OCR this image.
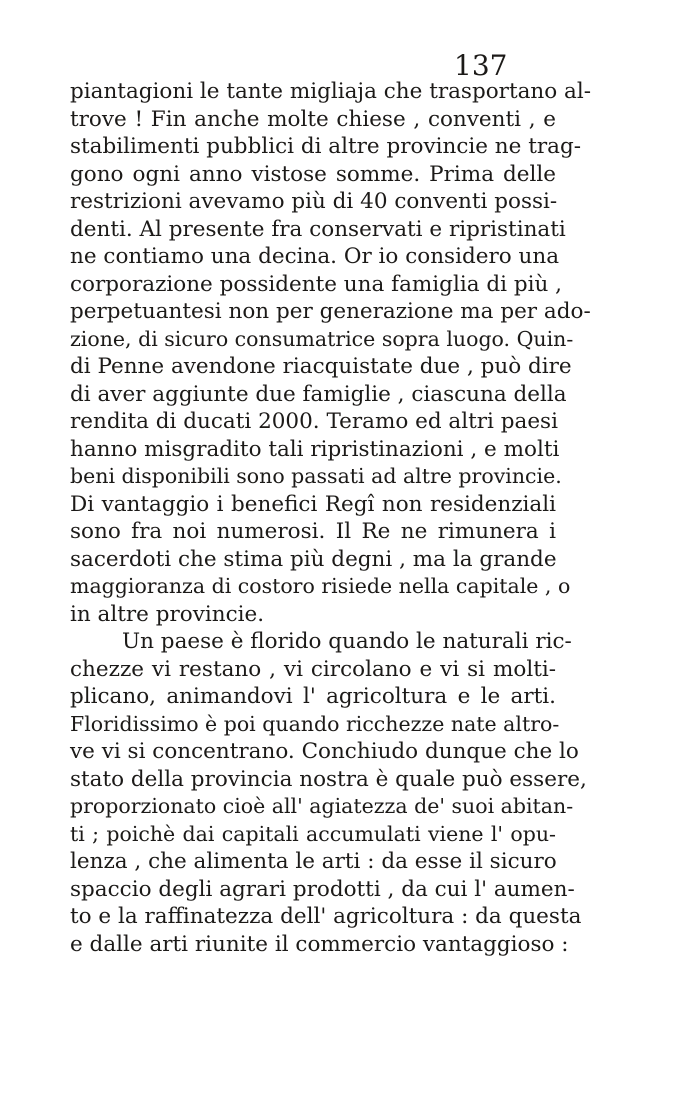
137
piantagioni le tante migliaja che trasportano al-
trove ! Fin anche molte chiese , conventi , e
stabilimenti pubblici di altre provincie ne trag-
gono ogni anno vistose somme. Prima delle
restrizioni avevamo più di 40 conventi possi-
denti. Al presente fra conservati e ripristinati
ne contiamo una decina. Or io considero una
corporazione possidente una famiglia di più ,
perpetuantesi non per generazione ma per ado-
zione, di sicuro consumatrice sopra luogo. Quin-
di Penne avendone riacquistate due , può dire
di aver aggiunte due famiglie , ciascuna della
rendita di ducati 2000. Teramo ed altri paesi
hanno misgradito tali ripristinazioni , e molti
beni disponibili sono passati ad altre provincie.
Di vantaggio i benefici Regî non residenziali
sono fra noi numerosi. Il Re ne rimunera i
sacerdoti che stima più degni , ma la grande
maggioranza di costoro risiede nella capitale , o
in altre provincie.
Un paese è florido quando le naturali ric-
chezze vi restano , vi circolano e vi si molti-
plicano, animandovi l' agricoltura e le arti.
Floridissimo è poi quando ricchezze nate altro-
ve vi si concentrano. Conchiudo dunque che lo
stato della provincia nostra è quale può essere,
proporzionato cioè all' agiatezza de' suoi abitan-
ti ; poichè dai capitali accumulati viene l' opu-
lenza , che alimenta le arti : da esse il sicuro
spaccio degli agrari prodotti , da cui l' aumen-
to e la raffinatezza dell' agricoltura : da questa
e dalle arti riunite il commercio vantaggioso :
